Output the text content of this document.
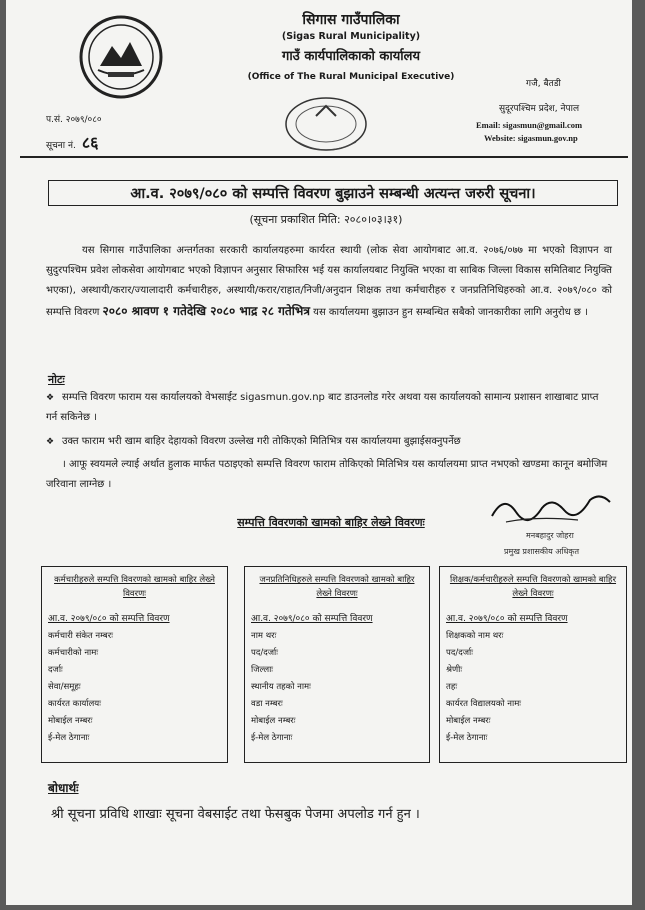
सिगास गाउँपालिका
(Sigas Rural Municipality)
गाउँ कार्यपालिकाको कार्यालय
(Office of The Rural Municipal Executive)
गजै, बैतडी
सुदूरपश्चिम प्रदेश, नेपाल
Email: sigasmun@gmail.com
Website: sigasmun.gov.np
प.सं. २०७९/०८०
सूचना नं. ८६
आ.व. २०७९/०८० को सम्पत्ति विवरण बुझाउने सम्बन्धी अत्यन्त जरुरी सूचना।
(सूचना प्रकाशित मिति: २०८०।०३।३१)
यस सिगास गाउँपालिका अन्तर्गतका सरकारी कार्यालयहरुमा कार्यरत स्थायी (लोक सेवा आयोगबाट आ.व. २०७६/०७७ मा भएको विज्ञापन वा सुदुरपश्चिम प्रवेश लोकसेवा आयोगबाट भएको विज्ञापन अनुसार सिफारिस भई यस कार्यालयबाट नियुक्ति भएका वा साबिक जिल्ला विकास समितिबाट नियुक्ति भएका), अस्थायी/करार/ज्यालादारी कर्मचारीहरु, अस्थायी/करार/राहात/निजी/अनुदान शिक्षक तथा कर्मचारीहरु र जनप्रतिनिधिहरुको आ.व. २०७९/०८० को सम्पत्ति विवरण २०८० श्रावण १ गतेदेखि २०८० भाद्र २८ गतेभित्र यस कार्यालयमा बुझाउन हुन सम्बन्धित सबैको जानकारीका लागि अनुरोध छ ।
नोटः
❖ सम्पत्ति विवरण फाराम यस कार्यालयको वेभसाईट sigasmun.gov.np बाट डाउनलोड गरेर अथवा यस कार्यालयको सामान्य प्रशासन शाखाबाट प्राप्त गर्न सकिनेछ ।
❖ उक्त फाराम भरी खाम बाहिर देहायको विवरण उल्लेख गरी तोकिएको मितिभित्र यस कार्यालयमा बुझाईसक्नुपर्नेछ
। आफू स्वयमले ल्याई अर्थात हुलाक मार्फत पठाइएको सम्पत्ति विवरण फाराम तोकिएको मितिभित्र यस कार्यालयमा प्राप्त नभएको खण्डमा कानून बमोजिम जरिवाना लाग्नेछ ।
सम्पत्ति विवरणको खामको बाहिर लेख्ने विवरणः
मनबहादुर जोहरा
प्रमुख प्रशासकीय अधिकृत
कर्मचारीहरुले सम्पत्ति विवरणको खामको बाहिर लेख्ने विवरणः
आ.व. २०७९/०८० को सम्पत्ति विवरण
कर्मचारी संकेत नम्बरः
कर्मचारीको नामः
दर्जाः
सेवा/समूहः
कार्यरत कार्यालयः
मोबाईल नम्बरः
ई-मेल ठेगानाः
जनप्रतिनिधिहरुले सम्पत्ति विवरणको खामको बाहिर लेख्ने विवरणः
आ.व. २०७९/०८० को सम्पत्ति विवरण
नाम थरः
पद/दर्जाः
जिल्लाः
स्थानीय तहको नामः
वडा नम्बरः
मोबाईल नम्बरः
ई-मेल ठेगानाः
शिक्षक/कर्मचारीहरुले सम्पत्ति विवरणको खामको बाहिर लेख्ने विवरणः
आ.व. २०७९/०८० को सम्पत्ति विवरण
शिक्षकको नाम थरः
पद/दर्जाः
श्रेणीः
तहः
कार्यरत विद्यालयको नामः
मोबाईल नम्बरः
ई-मेल ठेगानाः
बोधार्थः
श्री सूचना प्रविधि शाखाः सूचना वेबसाईट तथा फेसबुक पेजमा अपलोड गर्न हुन ।
